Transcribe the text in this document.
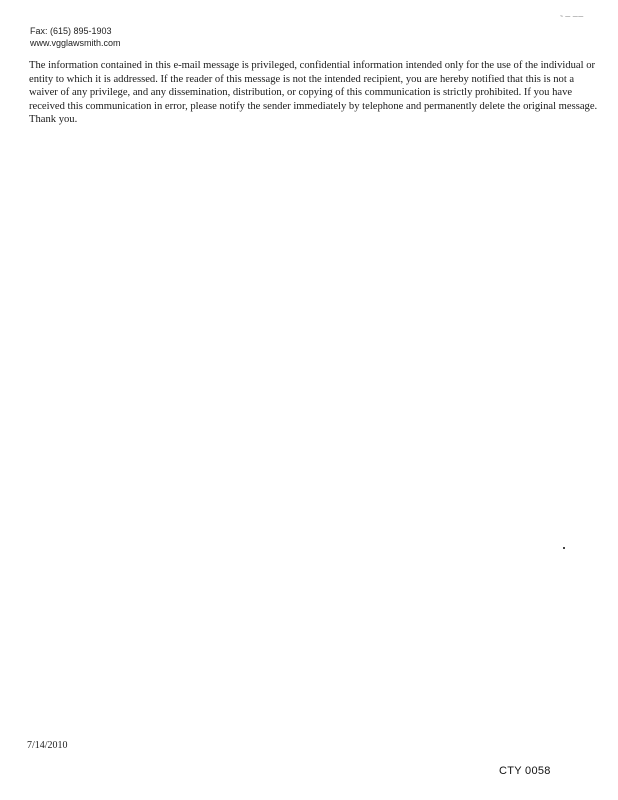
~ — ——
Fax: (615) 895-1903
www.vgglawsmith.com

The information contained in this e-mail message is privileged, confidential information intended only for the use of the individual or entity to which it is addressed. If the reader of this message is not the intended recipient, you are hereby notified that this is not a waiver of any privilege, and any dissemination, distribution, or copying of this communication is strictly prohibited. If you have received this communication in error, please notify the sender immediately by telephone and permanently delete the original message. Thank you.

7/14/2010
CTY 0058
